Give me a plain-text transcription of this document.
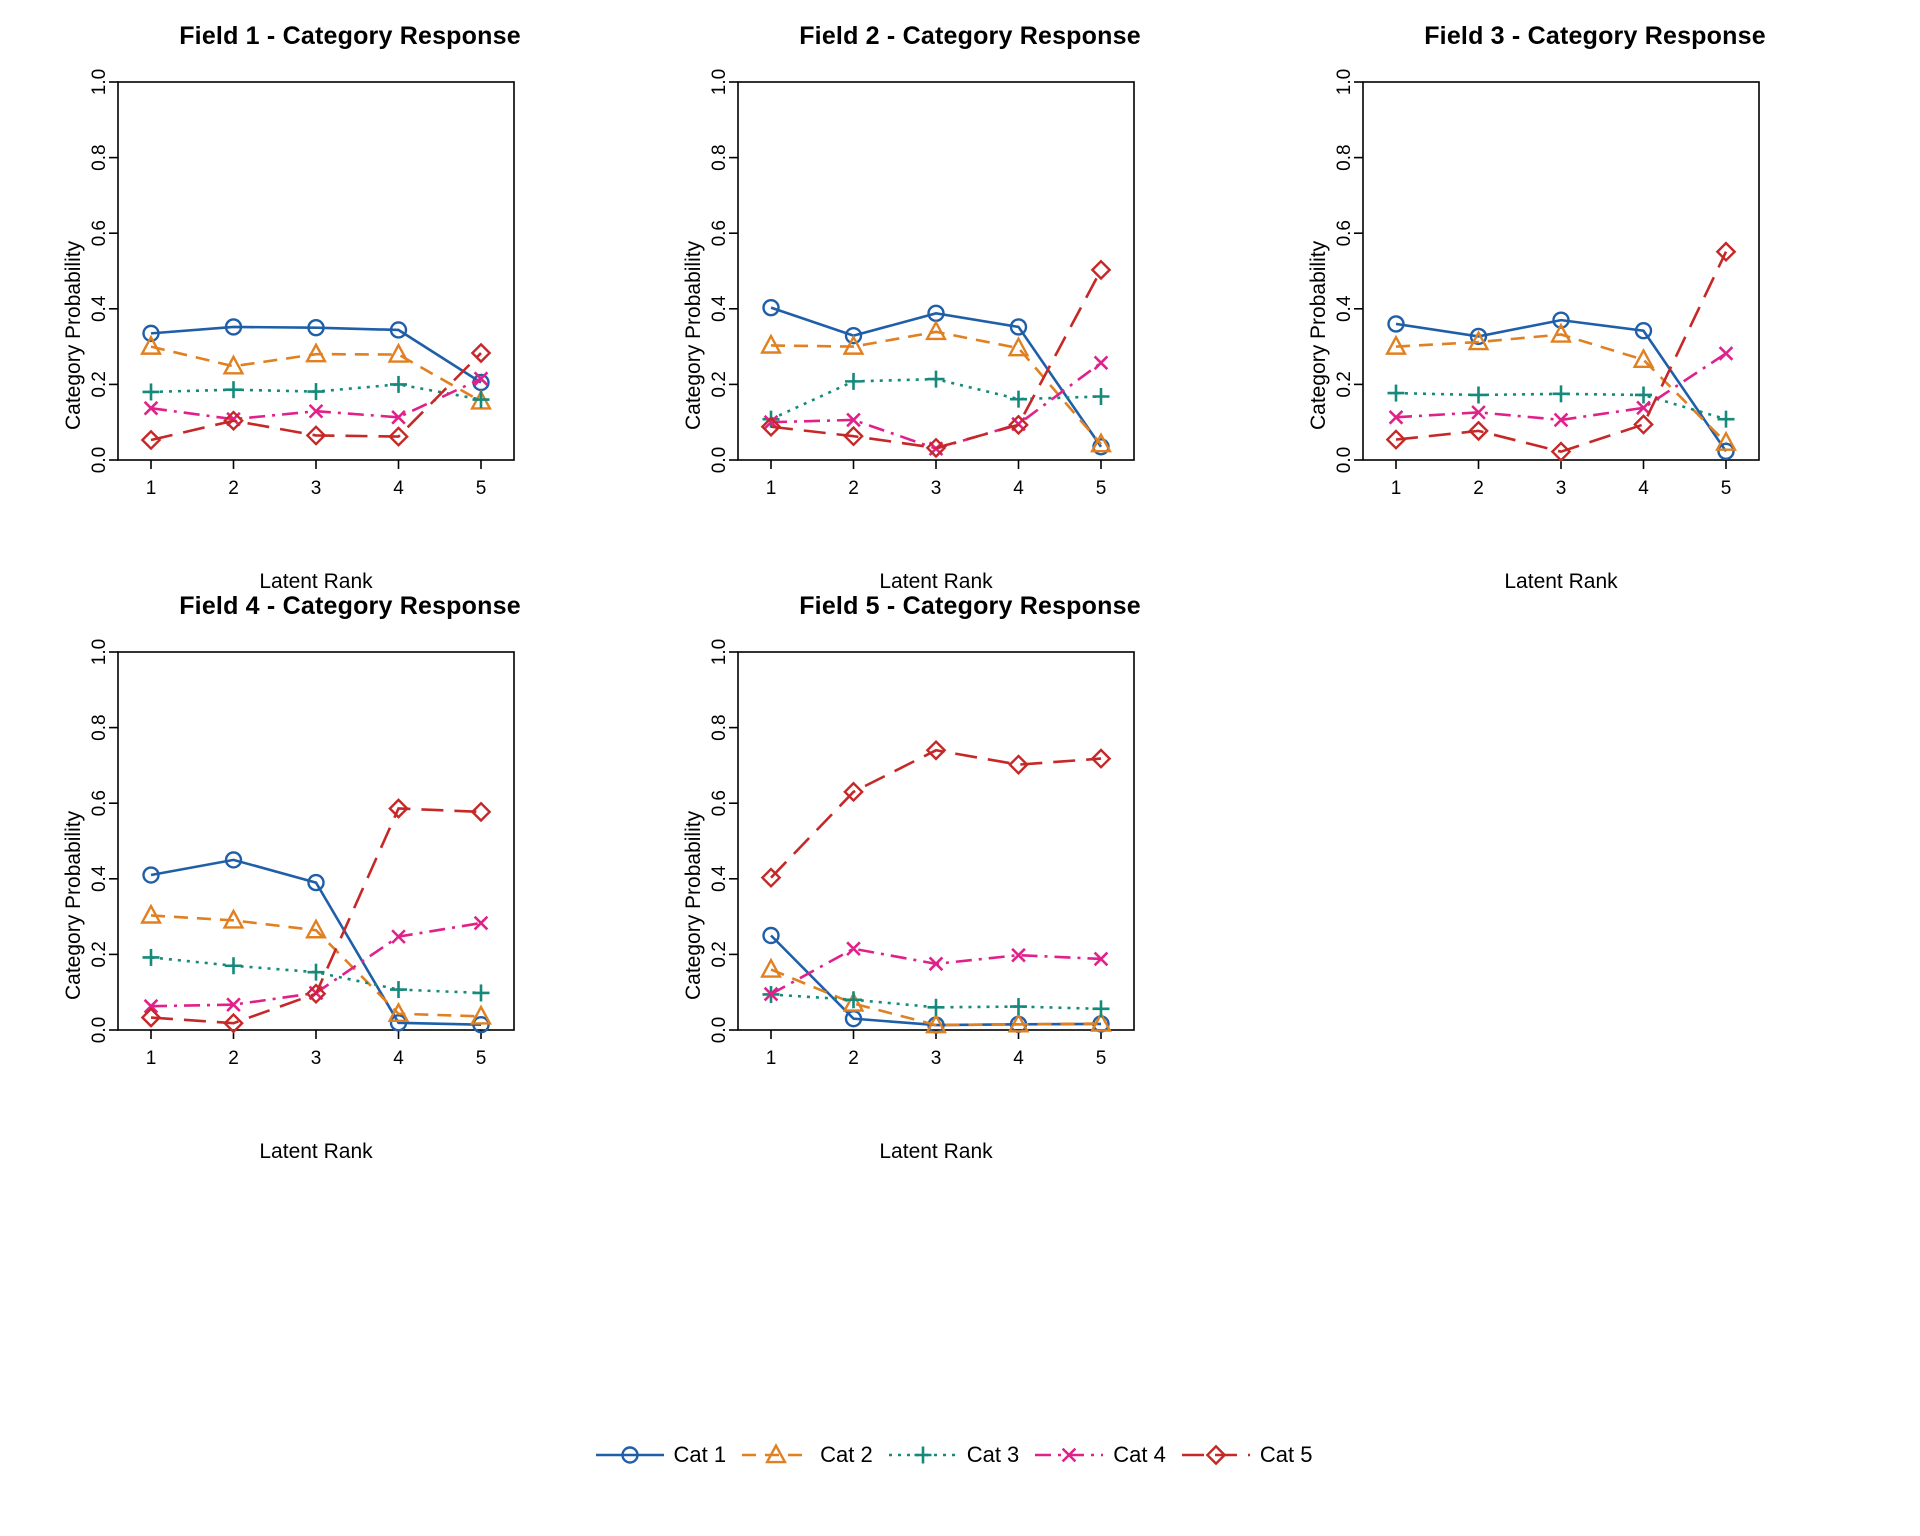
Field 1 - Category Response
Category Probability
Latent Rank
0.0
0.2
0.4
0.6
0.8
1.0
1	2	3	4	5
Field 2 - Category Response
Category Probability
Latent Rank
0.0
0.2
0.4
0.6
0.8
1.0
1	2	3	4	5
Field 3 - Category Response
Category Probability
Latent Rank
0.0
0.2
0.4
0.6
0.8
1.0
1	2	3	4	5
Field 4 - Category Response
Category Probability
Latent Rank
0.0
0.2
0.4
0.6
0.8
1.0
1	2	3	4	5
Field 5 - Category Response
Category Probability
Latent Rank
0.0
0.2
0.4
0.6
0.8
1.0
1	2	3	4	5
Cat 1	Cat 2	Cat 3	Cat 4	Cat 5
